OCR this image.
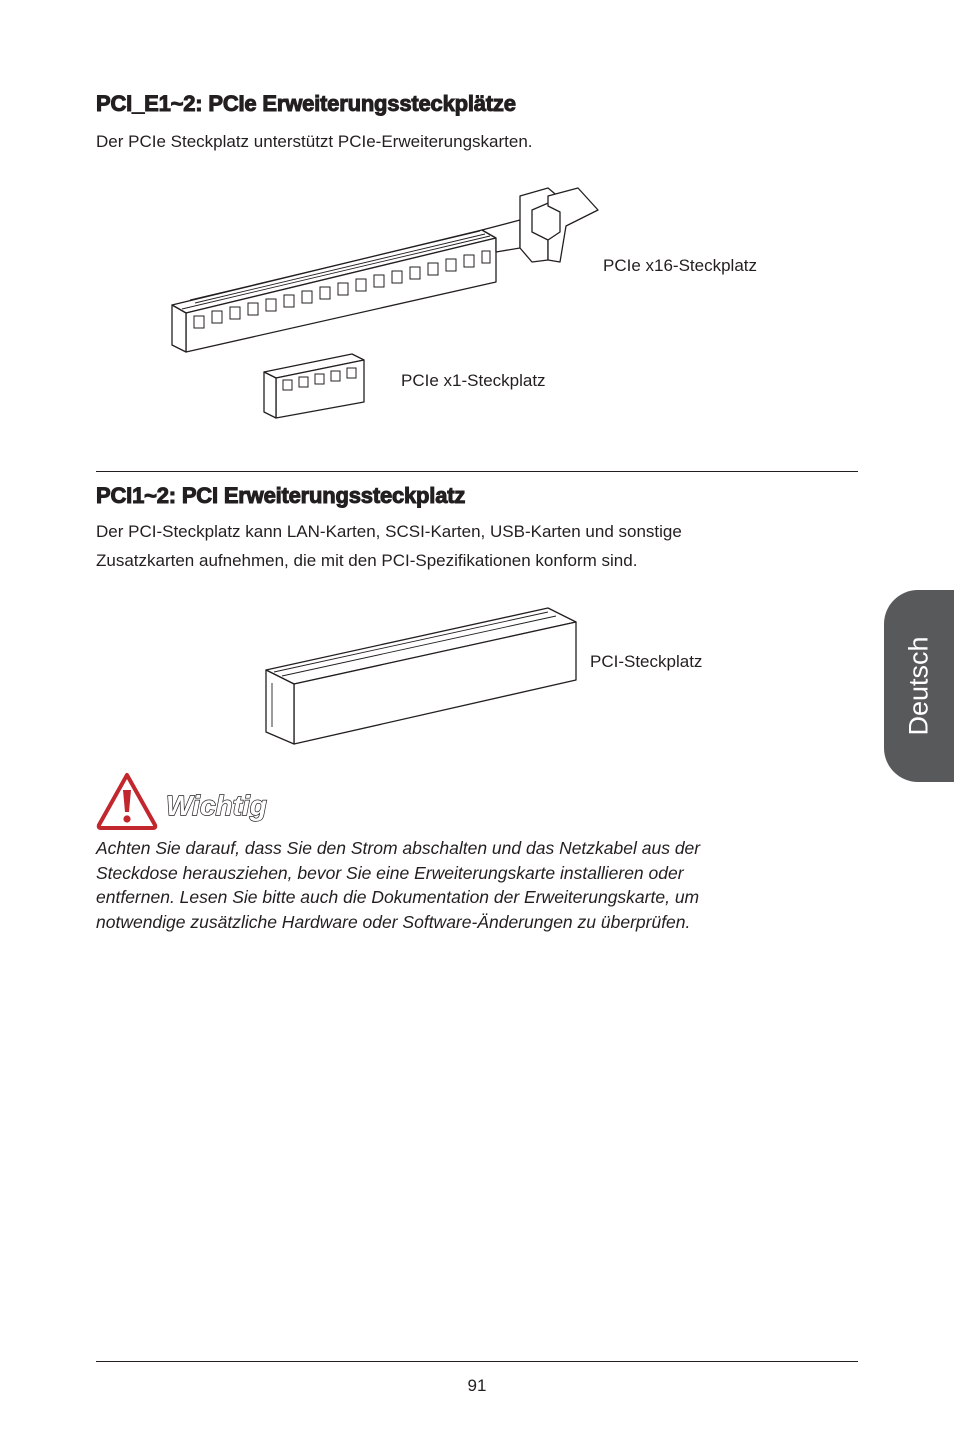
PCI_E1~2: PCIe Erweiterungssteckplätze
Der PCIe Steckplatz unterstützt PCIe-Erweiterungskarten.
PCIe x16-Steckplatz
PCIe x1-Steckplatz
PCI1~2: PCI Erweiterungssteckplatz
Der PCI-Steckplatz kann LAN-Karten, SCSI-Karten, USB-Karten und sonstige
Zusatzkarten aufnehmen, die mit den PCI-Spezifikationen konform sind.
PCI-Steckplatz	Deutsch
Wichtig
Achten Sie darauf, dass Sie den Strom abschalten und das Netzkabel aus der
Steckdose herausziehen, bevor Sie eine Erweiterungskarte installieren oder
entfernen. Lesen Sie bitte auch die Dokumentation der Erweiterungskarte, um
notwendige zusätzliche Hardware oder Software-Änderungen zu überprüfen.
91
